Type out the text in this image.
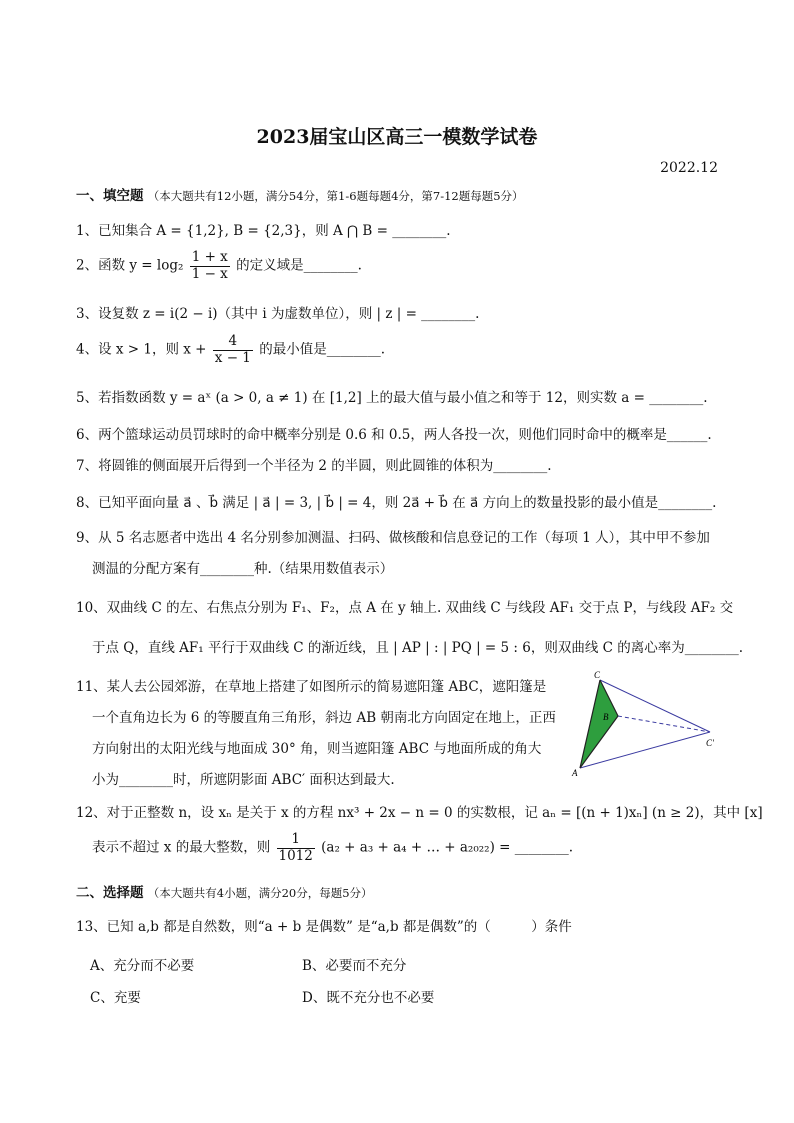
2023届宝山区高三一模数学试卷
2022.12
一、填空题 （本大题共有12小题，满分54分，第1-6题每题4分，第7-12题每题5分）
1、已知集合 A = {1,2}, B = {2,3}，则 A ⋂ B = ________.
2、函数 $y = \log_2 \frac{1 + x}{1 - x}$ 的定义域是________.
3、设复数 z = i(2 − i)（其中 i 为虚数单位），则 | z | = ________.
4、设 x > 1，则 $x + \frac{4}{x - 1}$ 的最小值是________.
5、若指数函数 y = aˣ (a > 0, a ≠ 1) 在 [1,2] 上的最大值与最小值之和等于 12，则实数 a = ________.
6、两个篮球运动员罚球时的命中概率分别是 0.6 和 0.5，两人各投一次，则他们同时命中的概率是______.
7、将圆锥的侧面展开后得到一个半径为 2 的半圆，则此圆锥的体积为________.
8、已知平面向量 a⃗ 、b⃗ 满足 | a⃗ | = 3, | b⃗ | = 4，则 2a⃗ + b⃗ 在 a⃗ 方向上的数量投影的最小值是________.
9、从 5 名志愿者中选出 4 名分别参加测温、扫码、做核酸和信息登记的工作（每项 1 人），其中甲不参加
测温的分配方案有________种.（结果用数值表示）
10、双曲线 C 的左、右焦点分别为 F₁、F₂，点 A 在 y 轴上. 双曲线 C 与线段 AF₁ 交于点 P，与线段 AF₂ 交
于点 Q，直线 AF₁ 平行于双曲线 C 的渐近线，且 | AP | : | PQ | = 5 : 6，则双曲线 C 的离心率为________.
11、某人去公园郊游，在草地上搭建了如图所示的简易遮阳篷 ABC，遮阳篷是
一个直角边长为 6 的等腰直角三角形，斜边 AB 朝南北方向固定在地上，正西
方向射出的太阳光线与地面成 30° 角，则当遮阳篷 ABC 与地面所成的角大
小为________时，所遮阴影面 ABC′ 面积达到最大.
C
B
A
C'
12、对于正整数 n，设 xₙ 是关于 x 的方程 nx³ + 2x − n = 0 的实数根，记 aₙ = [(n + 1)xₙ] (n ≥ 2)，其中 [x]
表示不超过 x 的最大整数，则 $\frac{1}{1012} (a_2 + a_3 + a_4$ + … + a₂₀₂₂) = ________.
二、选择题 （本大题共有4小题，满分20分，每题5分）
13、已知 a,b 都是自然数，则“a + b 是偶数” 是“a,b 都是偶数”的（　　　）条件
A、充分而不必要	B、必要而不充分
C、充要	D、既不充分也不必要
